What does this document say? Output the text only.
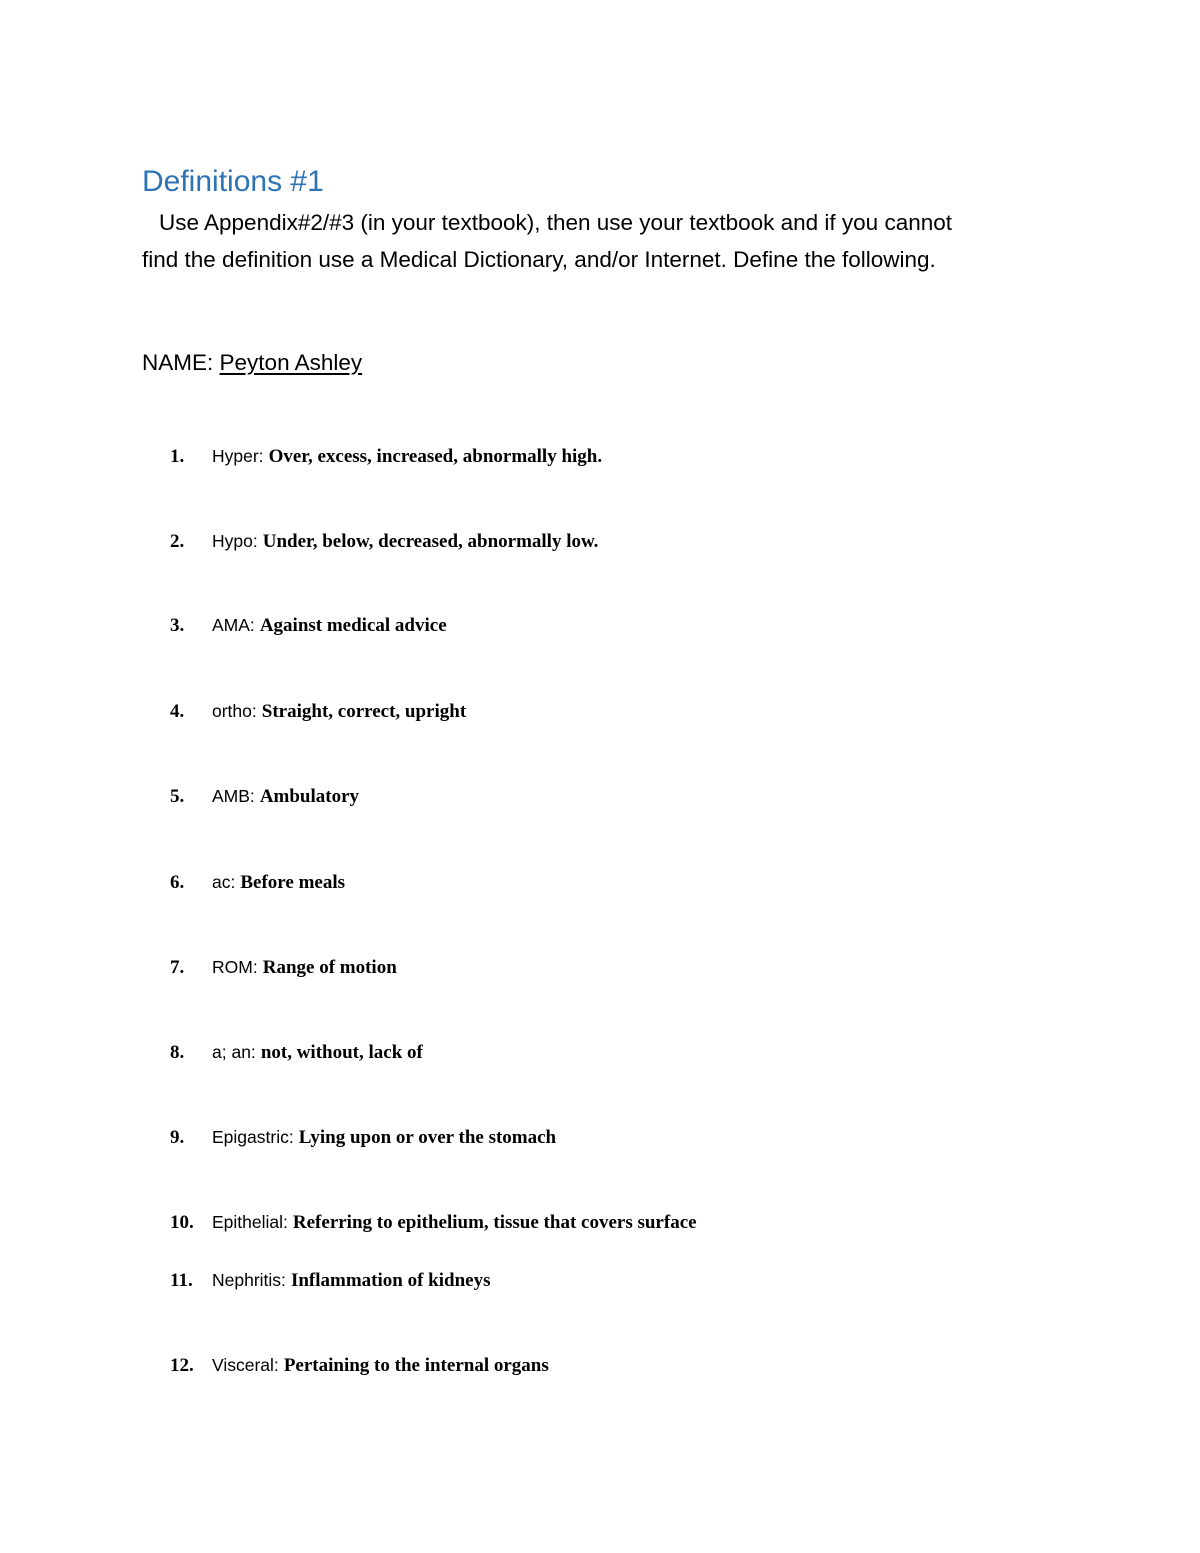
Definitions #1
Use Appendix#2/#3 (in your textbook), then use your textbook and if you cannot
find the definition use a Medical Dictionary, and/or Internet. Define the following.
NAME: Peyton Ashley
1. Hyper: Over, excess, increased, abnormally high.
2. Hypo: Under, below, decreased, abnormally low.
3. AMA: Against medical advice
4. ortho: Straight, correct, upright
5. AMB: Ambulatory
6. ac: Before meals
7. ROM: Range of motion
8. a; an: not, without, lack of
9. Epigastric: Lying upon or over the stomach
10. Epithelial: Referring to epithelium, tissue that covers surface
11. Nephritis: Inflammation of kidneys
12. Visceral: Pertaining to the internal organs
